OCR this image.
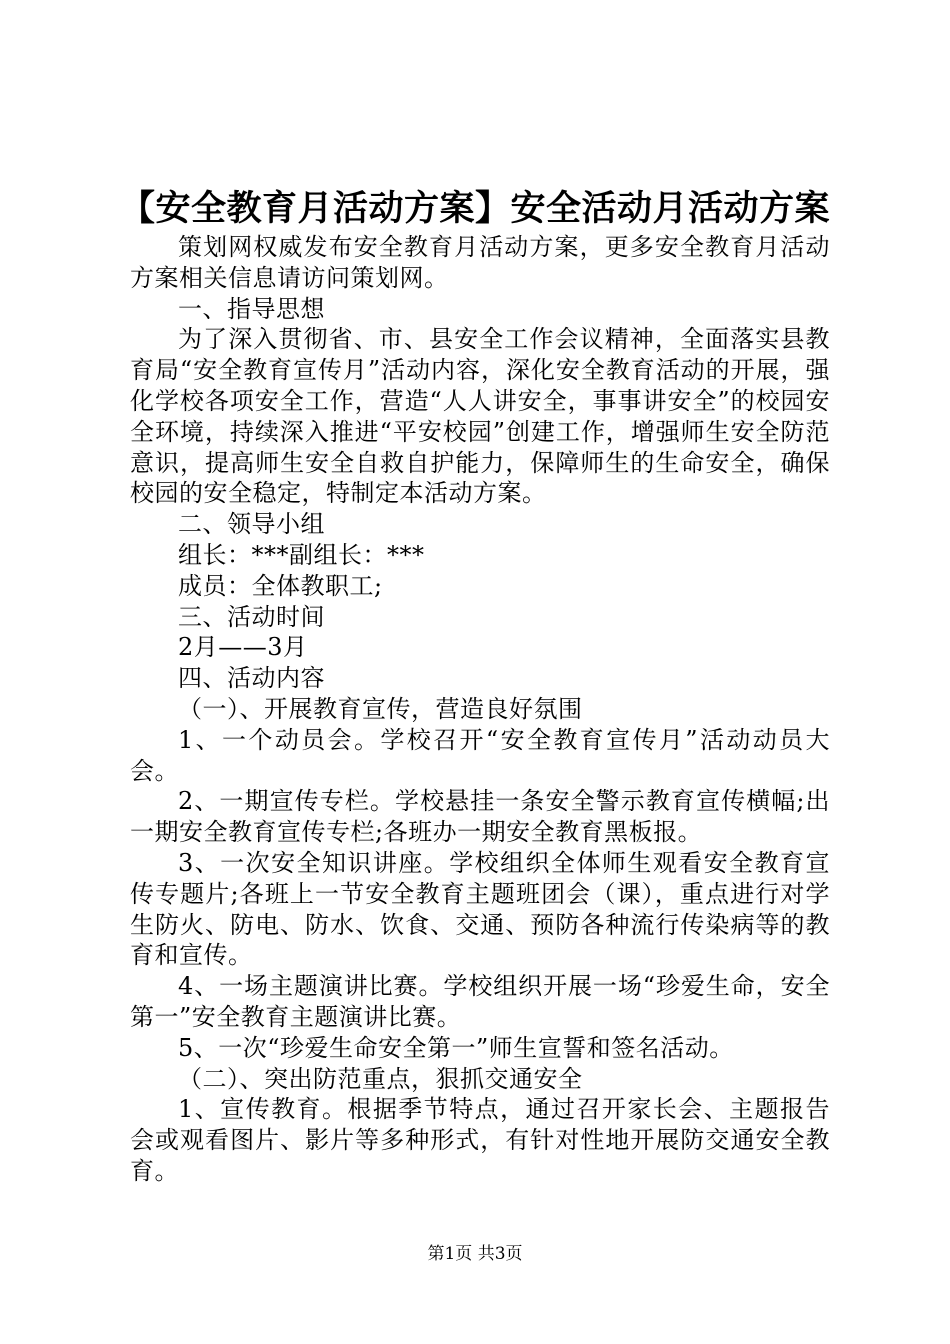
【安全教育月活动方案】安全活动月活动方案

策划网权威发布安全教育月活动方案，更多安全教育月活动方案相关信息请访问策划网。

一、指导思想

为了深入贯彻省、市、县安全工作会议精神，全面落实县教育局“安全教育宣传月”活动内容，深化安全教育活动的开展，强化学校各项安全工作，营造“人人讲安全，事事讲安全”的校园安全环境，持续深入推进“平安校园”创建工作，增强师生安全防范意识，提高师生安全自救自护能力，保障师生的生命安全，确保校园的安全稳定，特制定本活动方案。

二、领导小组

组长：***副组长：***

成员：全体教职工;

三、活动时间

2月——3月

四、活动内容

（一）、开展教育宣传，营造良好氛围

1、一个动员会。学校召开“安全教育宣传月”活动动员大会。

2、一期宣传专栏。学校悬挂一条安全警示教育宣传横幅;出一期安全教育宣传专栏;各班办一期安全教育黑板报。

3、一次安全知识讲座。学校组织全体师生观看安全教育宣传专题片;各班上一节安全教育主题班团会（课），重点进行对学生防火、防电、防水、饮食、交通、预防各种流行传染病等的教育和宣传。

4、一场主题演讲比赛。学校组织开展一场“珍爱生命，安全第一”安全教育主题演讲比赛。

5、一次“珍爱生命安全第一”师生宣誓和签名活动。

（二）、突出防范重点，狠抓交通安全

1、宣传教育。根据季节特点，通过召开家长会、主题报告会或观看图片、影片等多种形式，有针对性地开展防交通安全教育。

第1页 共3页
